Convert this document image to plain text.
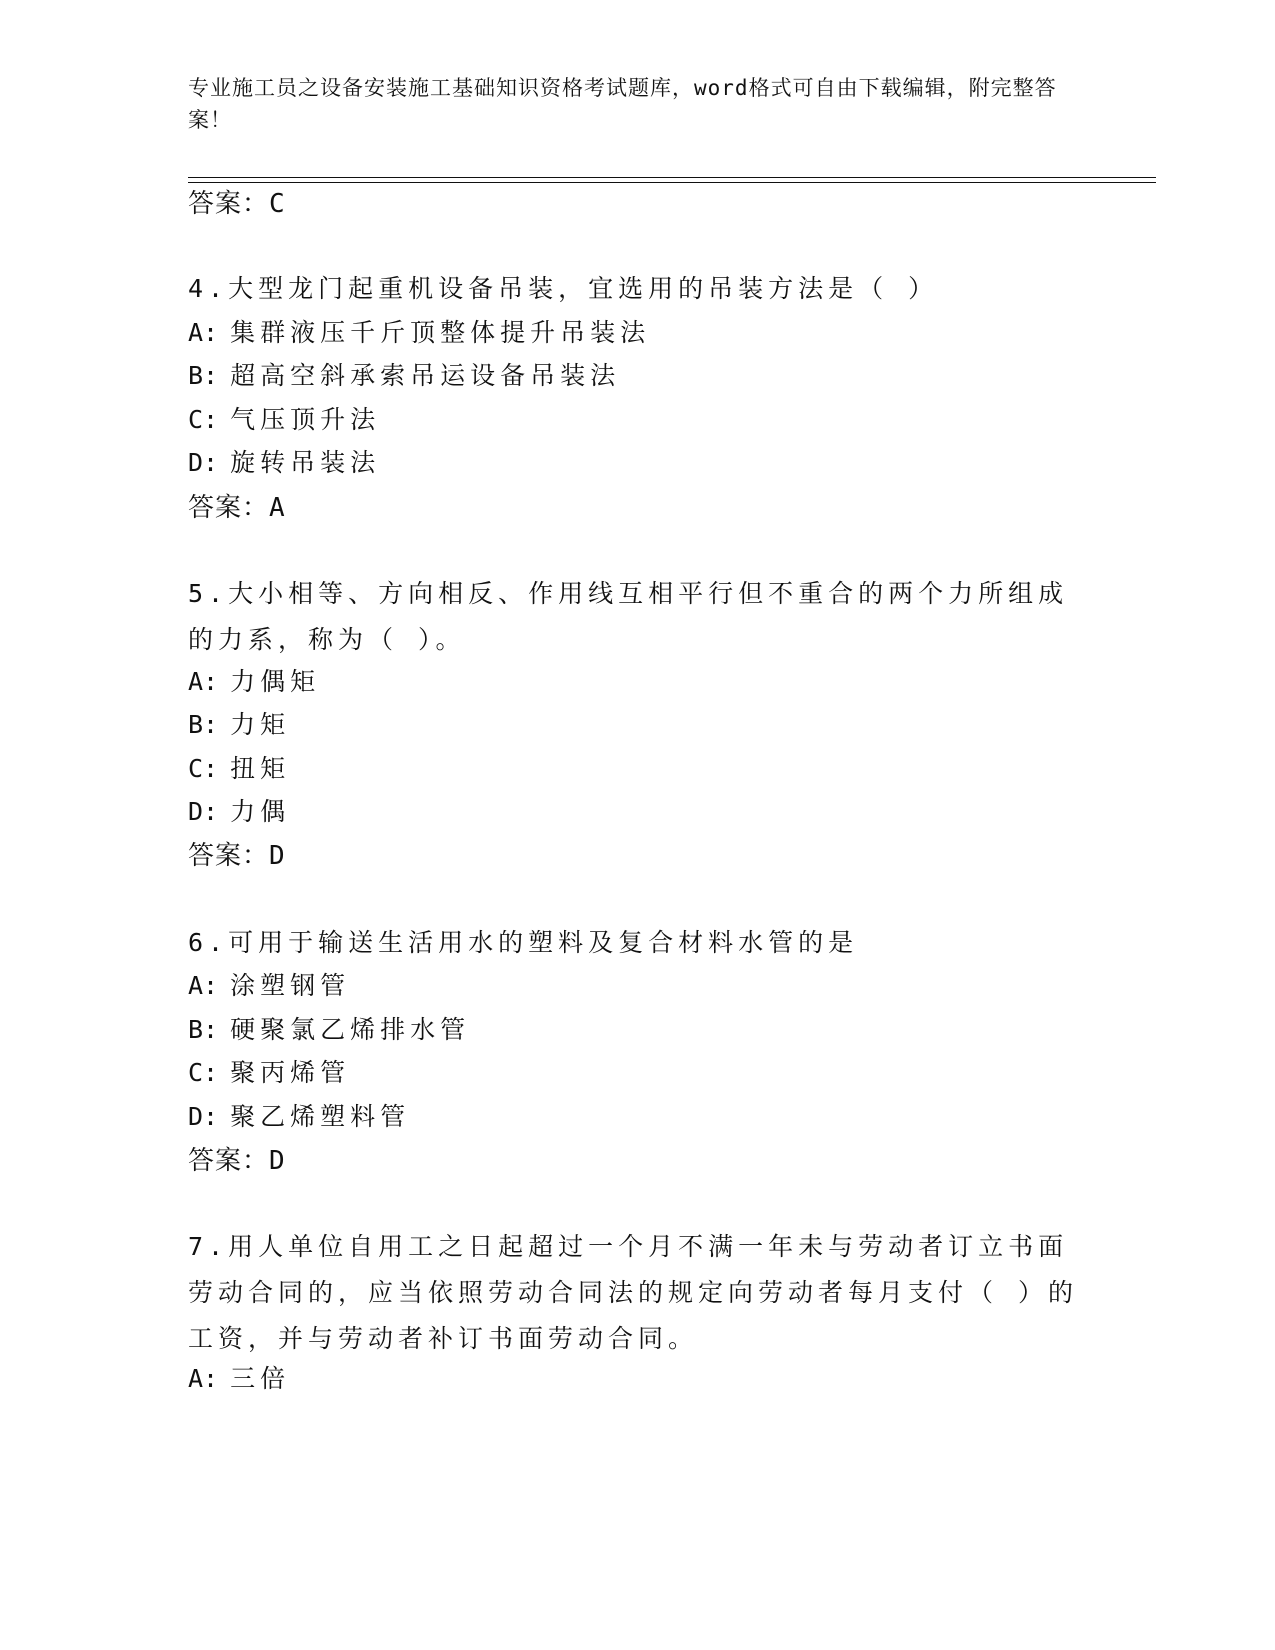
专业施工员之设备安装施工基础知识资格考试题库，word格式可自由下载编辑，附完整答案！
答案：C
4.大型龙门起重机设备吊装，宜选用的吊装方法是（ ）
A: 集群液压千斤顶整体提升吊装法
B: 超高空斜承索吊运设备吊装法
C: 气压顶升法
D: 旋转吊装法
答案：A
5.大小相等、方向相反、作用线互相平行但不重合的两个力所组成的力系，称为（ ）。
A: 力偶矩
B: 力矩
C: 扭矩
D: 力偶
答案：D
6.可用于输送生活用水的塑料及复合材料水管的是
A: 涂塑钢管
B: 硬聚氯乙烯排水管
C: 聚丙烯管
D: 聚乙烯塑料管
答案：D
7.用人单位自用工之日起超过一个月不满一年未与劳动者订立书面劳动合同的，应当依照劳动合同法的规定向劳动者每月支付（ ）的工资，并与劳动者补订书面劳动合同。
A: 三倍
